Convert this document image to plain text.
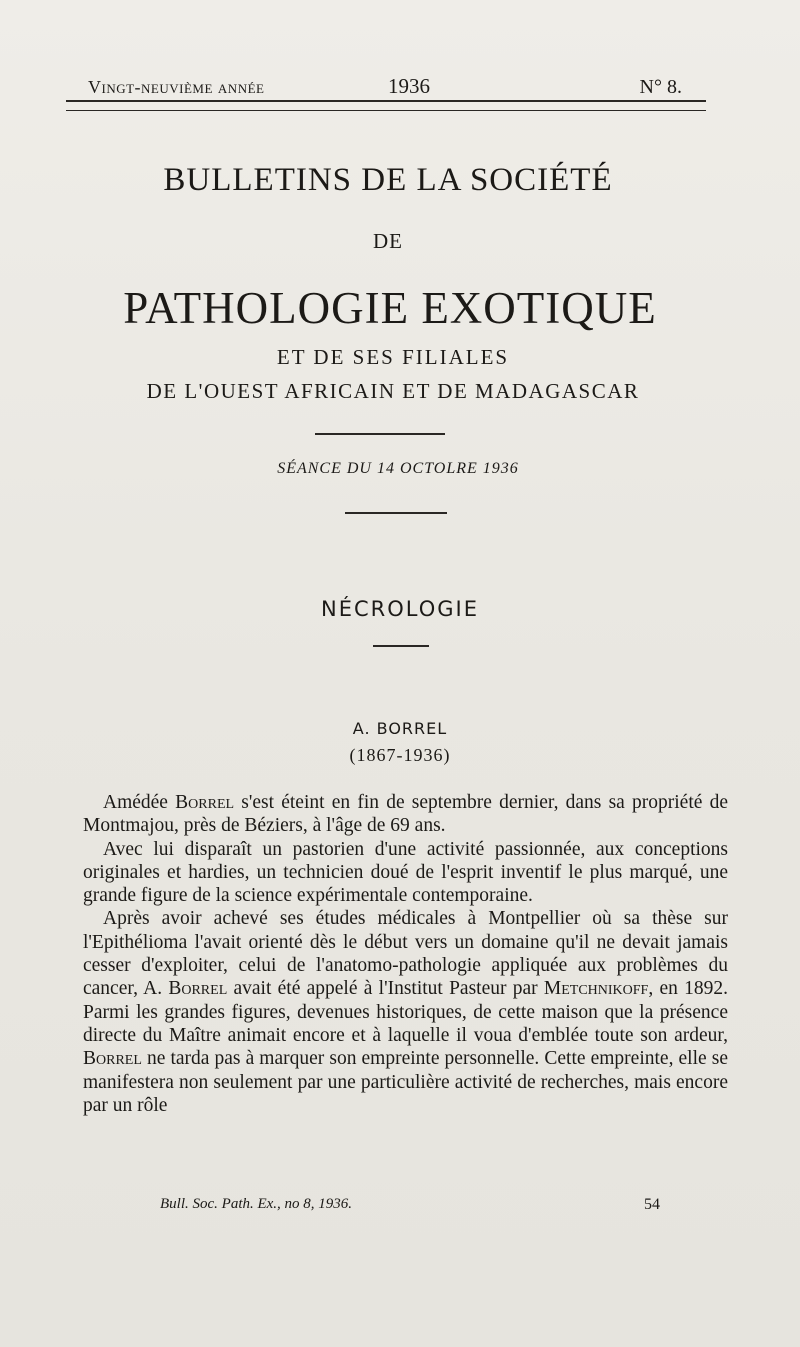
Vingt-neuvième année	1936	N° 8.
BULLETINS DE LA SOCIÉTÉ
DE
PATHOLOGIE EXOTIQUE
ET DE SES FILIALES
DE L'OUEST AFRICAIN ET DE MADAGASCAR
SÉANCE DU 14 OCTOLRE 1936
NÉCROLOGIE
A. BORREL
(1867-1936)

Amédée Borrel s'est éteint en fin de septembre dernier, dans sa propriété de Montmajou, près de Béziers, à l'âge de 69 ans.

Avec lui disparaît un pastorien d'une activité passionnée, aux conceptions originales et hardies, un technicien doué de l'esprit inventif le plus marqué, une grande figure de la science expérimentale contemporaine.

Après avoir achevé ses études médicales à Montpellier où sa thèse sur l'Epithélioma l'avait orienté dès le début vers un domaine qu'il ne devait jamais cesser d'exploiter, celui de l'anatomo-pathologie appliquée aux problèmes du cancer, A. Borrel avait été appelé à l'Institut Pasteur par Metchnikoff, en 1892. Parmi les grandes figures, devenues historiques, de cette maison que la présence directe du Maître animait encore et à laquelle il voua d'emblée toute son ardeur, Borrel ne tarda pas à marquer son empreinte personnelle. Cette empreinte, elle se manifestera non seulement par une particulière activité de recherches, mais encore par un rôle

Bull. Soc. Path. Ex., no 8, 1936.	54
